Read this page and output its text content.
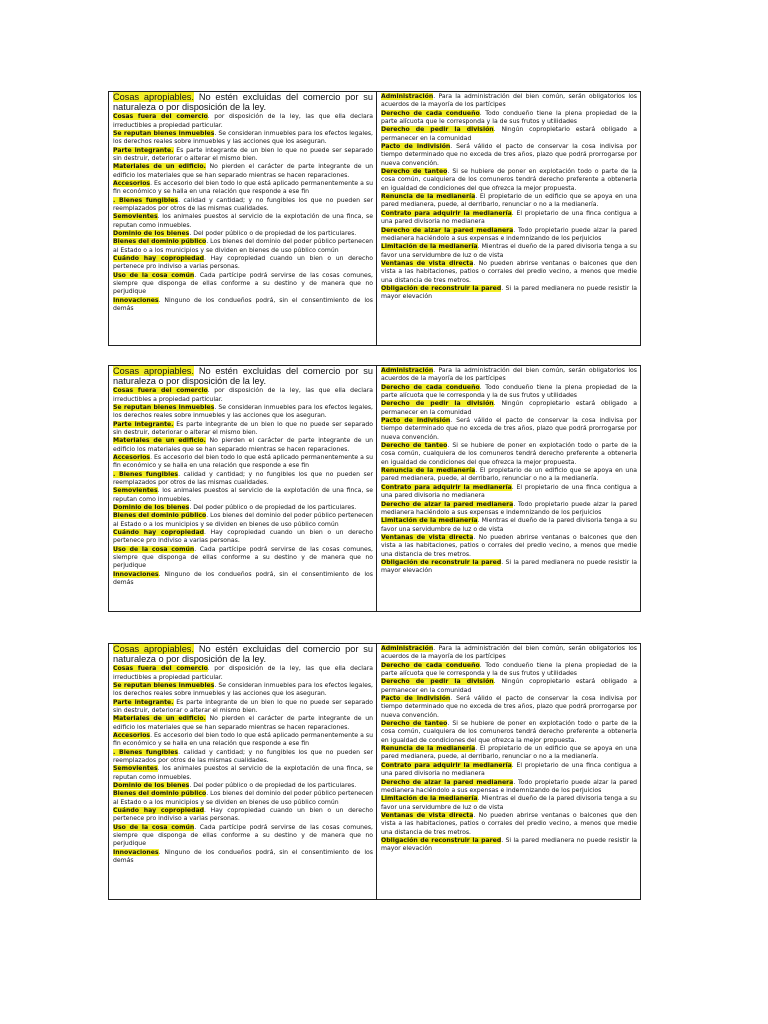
Cosas apropiables. No estén excluidas del comercio por su naturaleza o por disposición de la ley.

Cosas fuera del comercio. por disposición de la ley, las que ella declara irreductibles a propiedad particular.

Se reputan bienes inmuebles. Se consideran inmuebles para los efectos legales, los derechos reales sobre inmuebles y las acciones que los aseguran.

Parte integrante. Es parte integrante de un bien lo que no puede ser separado sin destruir, deteriorar o alterar el mismo bien.

Materiales de un edificio. No pierden el carácter de parte integrante de un edificio los materiales que se han separado mientras se hacen reparaciones.

Accesorios. Es accesorio del bien todo lo que está aplicado permanentemente a su fin económico y se halla en una relación que responde a ese fin

. Bienes fungibles. calidad y cantidad; y no fungibles los que no pueden ser reemplazados por otros de las mismas cualidades.

Semovientes. los animales puestos al servicio de la explotación de una finca, se reputan como inmuebles.

Dominio de los bienes. Del poder público o de propiedad de los particulares.

Bienes del dominio público. Los bienes del dominio del poder público pertenecen al Estado o a los municipios y se dividen en bienes de uso público común

Cuándo hay copropiedad. Hay copropiedad cuando un bien o un derecho pertenece pro indiviso a varias personas.

Uso de la cosa común. Cada partícipe podrá servirse de las cosas comunes, siempre que disponga de ellas conforme a su destino y de manera que no perjudique

Innovaciones. Ninguno de los condueños podrá, sin el consentimiento de los demás

Administración. Para la administración del bien común, serán obligatorios los acuerdos de la mayoría de los partícipes

Derecho de cada condueño. Todo condueño tiene la plena propiedad de la parte alícuota que le corresponda y la de sus frutos y utilidades

Derecho de pedir la división. Ningún copropietario estará obligado a permanecer en la comunidad

Pacto de indivisión. Será válido el pacto de conservar la cosa indivisa por tiempo determinado que no exceda de tres años, plazo que podrá prorrogarse por nueva convención.

Derecho de tanteo. Si se hubiere de poner en explotación todo o parte de la cosa común, cualquiera de los comuneros tendrá derecho preferente a obtenerla en igualdad de condiciones del que ofrezca la mejor propuesta.

Renuncia de la medianería. El propietario de un edificio que se apoya en una pared medianera, puede, al derribarlo, renunciar o no a la medianería.

Contrato para adquirir la medianería. El propietario de una finca contigua a una pared divisoria no medianera

Derecho de alzar la pared medianera. Todo propietario puede alzar la pared medianera haciéndolo a sus expensas e indemnizando de los perjuicios

Limitación de la medianería. Mientras el dueño de la pared divisoria tenga a su favor una servidumbre de luz o de vista

Ventanas de vista directa. No pueden abrirse ventanas o balcones que den vista a las habitaciones, patios o corrales del predio vecino, a menos que medie una distancia de tres metros.

Obligación de reconstruir la pared. Si la pared medianera no puede resistir la mayor elevación

Cosas apropiables. No estén excluidas del comercio por su naturaleza o por disposición de la ley.

Cosas fuera del comercio. por disposición de la ley, las que ella declara irreductibles a propiedad particular.

Se reputan bienes inmuebles. Se consideran inmuebles para los efectos legales, los derechos reales sobre inmuebles y las acciones que los aseguran.

Parte integrante. Es parte integrante de un bien lo que no puede ser separado sin destruir, deteriorar o alterar el mismo bien.

Materiales de un edificio. No pierden el carácter de parte integrante de un edificio los materiales que se han separado mientras se hacen reparaciones.

Accesorios. Es accesorio del bien todo lo que está aplicado permanentemente a su fin económico y se halla en una relación que responde a ese fin

. Bienes fungibles. calidad y cantidad; y no fungibles los que no pueden ser reemplazados por otros de las mismas cualidades.

Semovientes. los animales puestos al servicio de la explotación de una finca, se reputan como inmuebles.

Dominio de los bienes. Del poder público o de propiedad de los particulares.

Bienes del dominio público. Los bienes del dominio del poder público pertenecen al Estado o a los municipios y se dividen en bienes de uso público común

Cuándo hay copropiedad. Hay copropiedad cuando un bien o un derecho pertenece pro indiviso a varias personas.

Uso de la cosa común. Cada partícipe podrá servirse de las cosas comunes, siempre que disponga de ellas conforme a su destino y de manera que no perjudique

Innovaciones. Ninguno de los condueños podrá, sin el consentimiento de los demás

Administración. Para la administración del bien común, serán obligatorios los acuerdos de la mayoría de los partícipes

Derecho de cada condueño. Todo condueño tiene la plena propiedad de la parte alícuota que le corresponda y la de sus frutos y utilidades

Derecho de pedir la división. Ningún copropietario estará obligado a permanecer en la comunidad

Pacto de indivisión. Será válido el pacto de conservar la cosa indivisa por tiempo determinado que no exceda de tres años, plazo que podrá prorrogarse por nueva convención.

Derecho de tanteo. Si se hubiere de poner en explotación todo o parte de la cosa común, cualquiera de los comuneros tendrá derecho preferente a obtenerla en igualdad de condiciones del que ofrezca la mejor propuesta.

Renuncia de la medianería. El propietario de un edificio que se apoya en una pared medianera, puede, al derribarlo, renunciar o no a la medianería.

Contrato para adquirir la medianería. El propietario de una finca contigua a una pared divisoria no medianera

Derecho de alzar la pared medianera. Todo propietario puede alzar la pared medianera haciéndolo a sus expensas e indemnizando de los perjuicios

Limitación de la medianería. Mientras el dueño de la pared divisoria tenga a su favor una servidumbre de luz o de vista

Ventanas de vista directa. No pueden abrirse ventanas o balcones que den vista a las habitaciones, patios o corrales del predio vecino, a menos que medie una distancia de tres metros.

Obligación de reconstruir la pared. Si la pared medianera no puede resistir la mayor elevación

Cosas apropiables. No estén excluidas del comercio por su naturaleza o por disposición de la ley.

Cosas fuera del comercio. por disposición de la ley, las que ella declara irreductibles a propiedad particular.

Se reputan bienes inmuebles. Se consideran inmuebles para los efectos legales, los derechos reales sobre inmuebles y las acciones que los aseguran.

Parte integrante. Es parte integrante de un bien lo que no puede ser separado sin destruir, deteriorar o alterar el mismo bien.

Materiales de un edificio. No pierden el carácter de parte integrante de un edificio los materiales que se han separado mientras se hacen reparaciones.

Accesorios. Es accesorio del bien todo lo que está aplicado permanentemente a su fin económico y se halla en una relación que responde a ese fin

. Bienes fungibles. calidad y cantidad; y no fungibles los que no pueden ser reemplazados por otros de las mismas cualidades.

Semovientes. los animales puestos al servicio de la explotación de una finca, se reputan como inmuebles.

Dominio de los bienes. Del poder público o de propiedad de los particulares.

Bienes del dominio público. Los bienes del dominio del poder público pertenecen al Estado o a los municipios y se dividen en bienes de uso público común

Cuándo hay copropiedad. Hay copropiedad cuando un bien o un derecho pertenece pro indiviso a varias personas.

Uso de la cosa común. Cada partícipe podrá servirse de las cosas comunes, siempre que disponga de ellas conforme a su destino y de manera que no perjudique

Innovaciones. Ninguno de los condueños podrá, sin el consentimiento de los demás

Administración. Para la administración del bien común, serán obligatorios los acuerdos de la mayoría de los partícipes

Derecho de cada condueño. Todo condueño tiene la plena propiedad de la parte alícuota que le corresponda y la de sus frutos y utilidades

Derecho de pedir la división. Ningún copropietario estará obligado a permanecer en la comunidad

Pacto de indivisión. Será válido el pacto de conservar la cosa indivisa por tiempo determinado que no exceda de tres años, plazo que podrá prorrogarse por nueva convención.

Derecho de tanteo. Si se hubiere de poner en explotación todo o parte de la cosa común, cualquiera de los comuneros tendrá derecho preferente a obtenerla en igualdad de condiciones del que ofrezca la mejor propuesta.

Renuncia de la medianería. El propietario de un edificio que se apoya en una pared medianera, puede, al derribarlo, renunciar o no a la medianería.

Contrato para adquirir la medianería. El propietario de una finca contigua a una pared divisoria no medianera

Derecho de alzar la pared medianera. Todo propietario puede alzar la pared medianera haciéndolo a sus expensas e indemnizando de los perjuicios

Limitación de la medianería. Mientras el dueño de la pared divisoria tenga a su favor una servidumbre de luz o de vista

Ventanas de vista directa. No pueden abrirse ventanas o balcones que den vista a las habitaciones, patios o corrales del predio vecino, a menos que medie una distancia de tres metros.

Obligación de reconstruir la pared. Si la pared medianera no puede resistir la mayor elevación
